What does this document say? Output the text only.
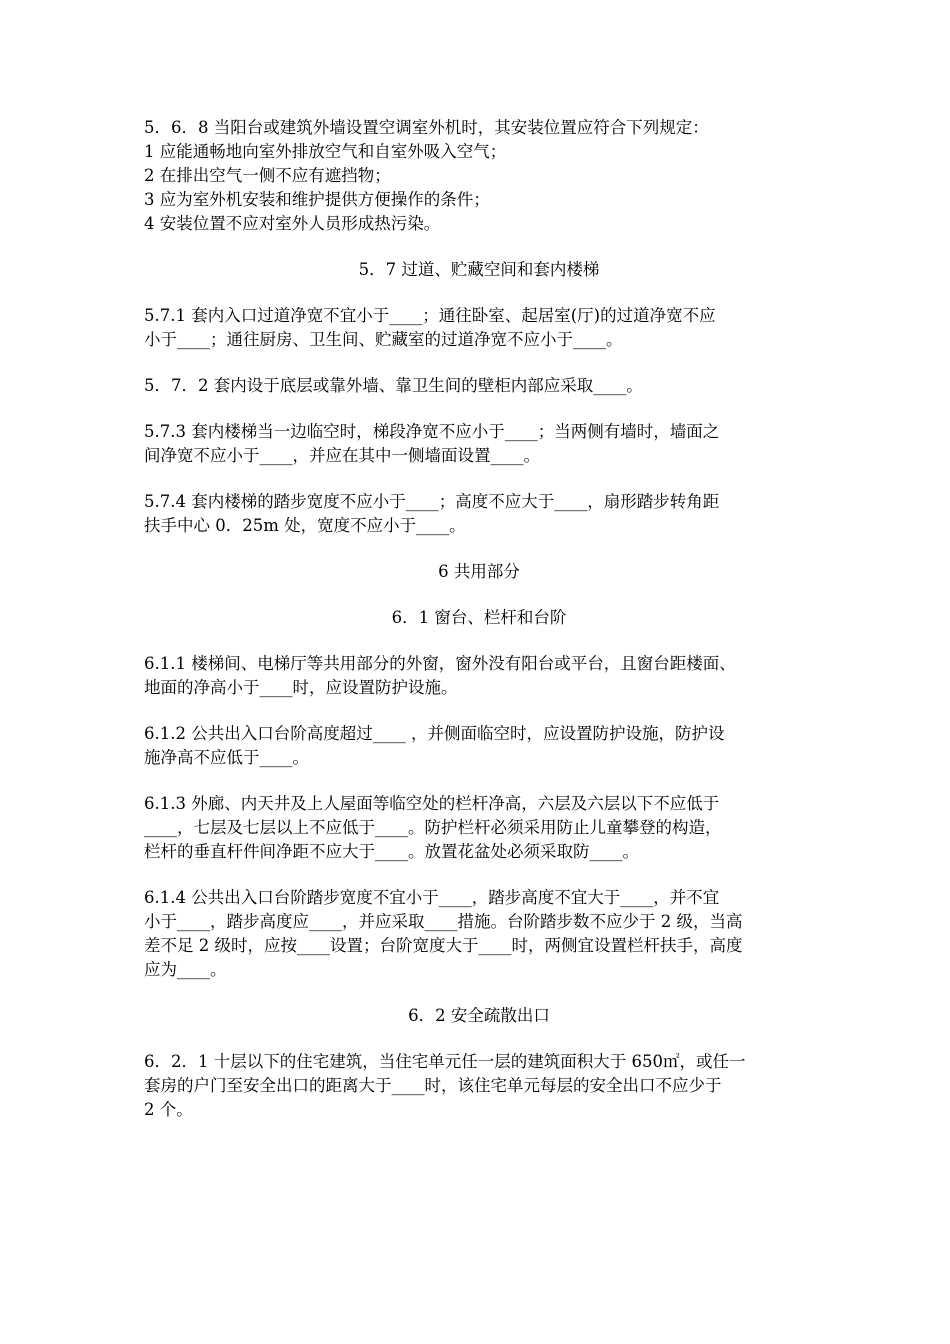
5．6．8 当阳台或建筑外墙设置空调室外机时，其安装位置应符合下列规定：

1 应能通畅地向室外排放空气和自室外吸入空气；

2 在排出空气一侧不应有遮挡物；

3 应为室外机安装和维护提供方便操作的条件；

4 安装位置不应对室外人员形成热污染。

5．7 过道、贮藏空间和套内楼梯

5.7.1 套内入口过道净宽不宜小于____；通往卧室、起居室(厅)的过道净宽不应

小于____；通往厨房、卫生间、贮藏室的过道净宽不应小于____。

5．7．2 套内设于底层或靠外墙、靠卫生间的壁柜内部应采取____。

5.7.3 套内楼梯当一边临空时，梯段净宽不应小于____；当两侧有墙时，墙面之

间净宽不应小于____，并应在其中一侧墙面设置____。

5.7.4 套内楼梯的踏步宽度不应小于____；高度不应大于____，扇形踏步转角距

扶手中心 0．25m 处，宽度不应小于____。

6 共用部分

6．1 窗台、栏杆和台阶

6.1.1 楼梯间、电梯厅等共用部分的外窗，窗外没有阳台或平台，且窗台距楼面、

地面的净高小于____时，应设置防护设施。

6.1.2 公共出入口台阶高度超过____ ，并侧面临空时，应设置防护设施，防护设

施净高不应低于____。

6.1.3 外廊、内天井及上人屋面等临空处的栏杆净高，六层及六层以下不应低于

____，七层及七层以上不应低于____。防护栏杆必须采用防止儿童攀登的构造，

栏杆的垂直杆件间净距不应大于____。放置花盆处必须采取防____。

6.1.4 公共出入口台阶踏步宽度不宜小于____，踏步高度不宜大于____，并不宜

小于____，踏步高度应____，并应采取____措施。台阶踏步数不应少于 2 级，当高

差不足 2 级时，应按____设置；台阶宽度大于____时，两侧宜设置栏杆扶手，高度

应为____。

6．2 安全疏散出口

6．2．1 十层以下的住宅建筑，当住宅单元任一层的建筑面积大于 650㎡，或任一

套房的户门至安全出口的距离大于____时，该住宅单元每层的安全出口不应少于

2 个。
